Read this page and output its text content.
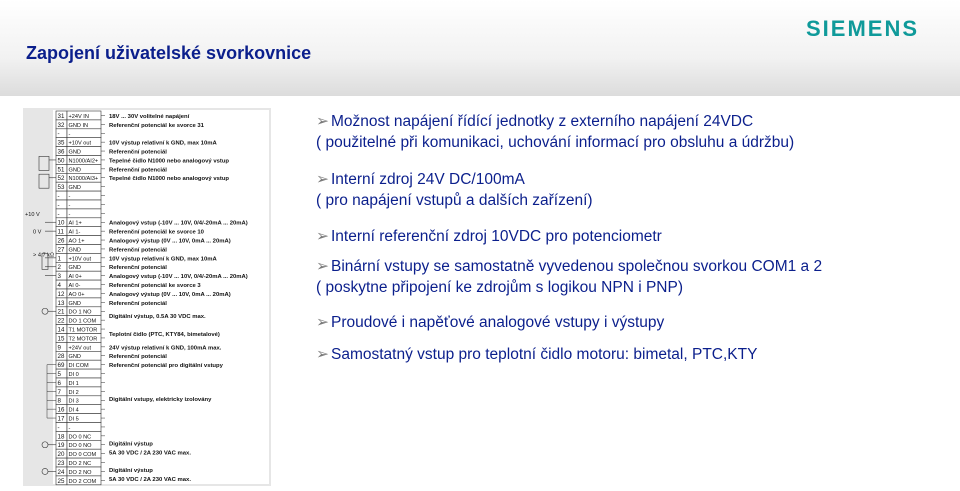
Zapojení uživatelské svorkovnice
SIEMENS
31 +24V IN
32 GND IN
- -
35 +10V out
36 GND
50 N1000/AI2+
51 GND
52 N1000/AI3+
53 GND
- -
- -
- -
10 AI 1+
11 AI 1-
26 AO 1+
27 GND
1 +10V out
2 GND
3 AI 0+
4 AI 0-
12 AO 0+
13 GND
21 DO 1 NO
22 DO 1 COM
14 T1 MOTOR
15 T2 MOTOR
9 +24V out
28 GND
69 DI COM
5 DI 0
6 DI 1
7 DI 2
8 DI 3
16 DI 4
17 DI 5
- -
18 DO 0 NC
19 DO 0 NO
20 DO 0 COM
23 DO 2 NC
24 DO 2 NO
25 DO 2 COM
18V ... 30V volitelné napájení
Referenční potenciál ke svorce 31
10V výstup relativní k GND, max 10mA
Referenční potenciál
Tepelné čidlo N1000 nebo analogový vstup
Referenční potenciál
Tepelné čidlo N1000 nebo analogový vstup
Analogový vstup (-10V ... 10V, 0/4/-20mA ... 20mA)
Referenční potenciál ke svorce 10
Analogový výstup (0V ... 10V, 0mA ... 20mA)
Referenční potenciál
10V výstup relativní k GND, max 10mA
Referenční potenciál
Analogový vstup (-10V ... 10V, 0/4/-20mA ... 20mA)
Referenční potenciál ke svorce 3
Analogový výstup (0V ... 10V, 0mA ... 20mA)
Referenční potenciál
Digitální výstup, 0.5A 30 VDC max.
Teplotní čidlo (PTC, KTY84, bimetalové)
24V výstup relativní k GND, 100mA max.
Referenční potenciál
Referenční potenciál pro digitální vstupy
Digitální vstupy, elektricky izolovány
Digitální výstup
5A 30 VDC / 2A 230 VAC max.
Digitální výstup
5A 30 VDC / 2A 230 VAC max.
+10 V
0 V
> 4.7 kΩ
➢ Možnost napájení řídící jednotky z externího napájení 24VDC
( použitelné při komunikaci, uchování informací pro obsluhu a údržbu)
➢ Interní zdroj 24V DC/100mA
( pro napájení vstupů a dalších zařízení)
➢ Interní referenční zdroj 10VDC pro potenciometr
➢ Binární vstupy se samostatně vyvedenou společnou svorkou COM1 a 2
( poskytne připojení ke zdrojům s logikou NPN i PNP)
➢ Proudové i napěťové analogové vstupy i výstupy
➢ Samostatný vstup pro teplotní čidlo motoru: bimetal, PTC,KTY
